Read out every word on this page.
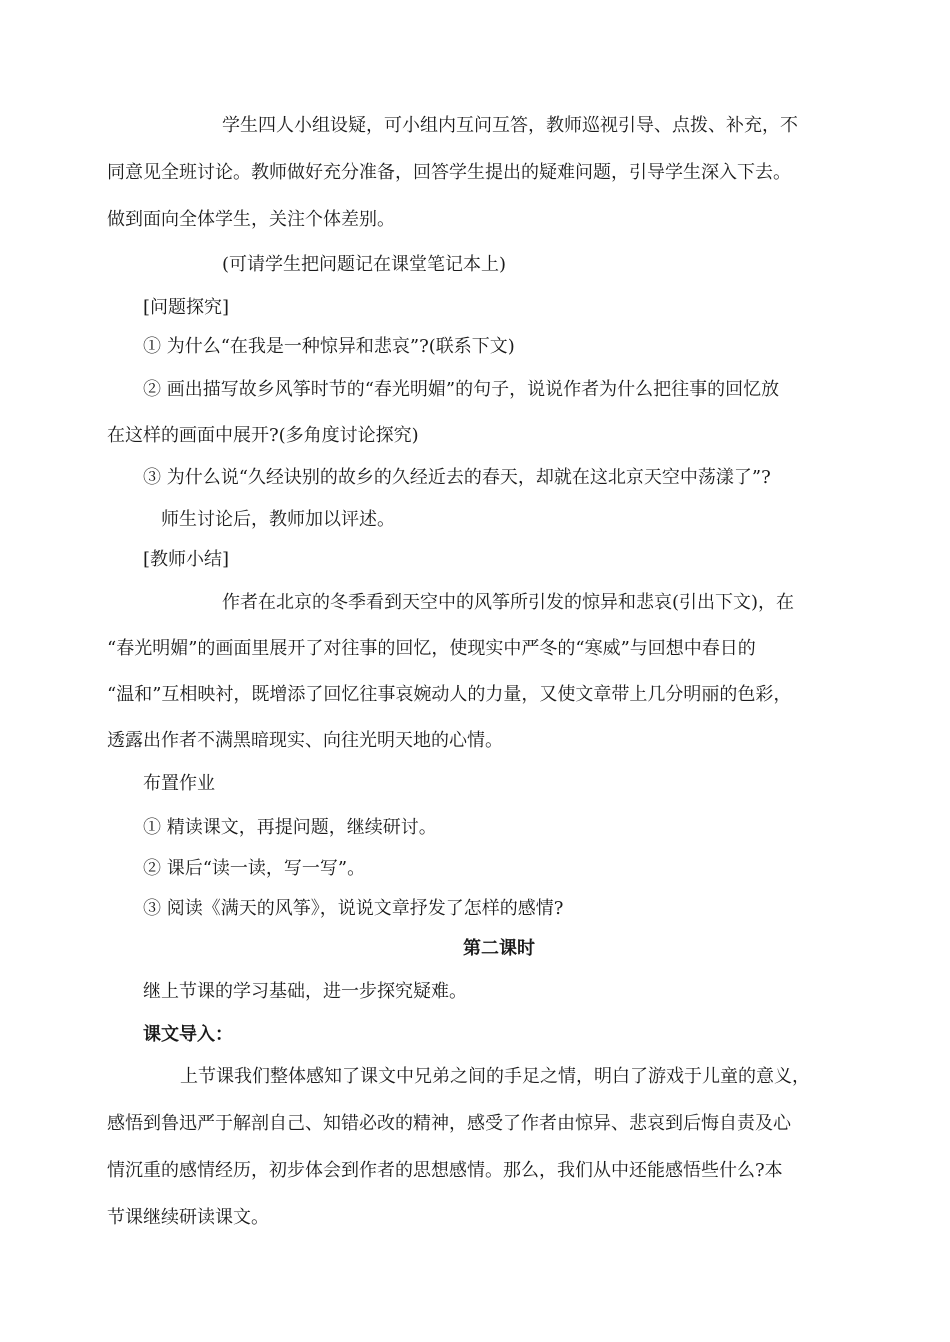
学生四人小组设疑，可小组内互问互答，教师巡视引导、点拨、补充，不
同意见全班讨论。教师做好充分准备，回答学生提出的疑难问题，引导学生深入下去。
做到面向全体学生，关注个体差别。
(可请学生把问题记在课堂笔记本上)
[问题探究]
① 为什么“在我是一种惊异和悲哀”?(联系下文)
② 画出描写故乡风筝时节的“春光明媚”的句子，说说作者为什么把往事的回忆放
在这样的画面中展开?(多角度讨论探究)
③ 为什么说“久经诀别的故乡的久经近去的春天，却就在这北京天空中荡漾了”?
师生讨论后，教师加以评述。
[教师小结]
作者在北京的冬季看到天空中的风筝所引发的惊异和悲哀(引出下文)，在
“春光明媚”的画面里展开了对往事的回忆，使现实中严冬的“寒威”与回想中春日的
“温和”互相映衬，既增添了回忆往事哀婉动人的力量，又使文章带上几分明丽的色彩，
透露出作者不满黑暗现实、向往光明天地的心情。
布置作业
① 精读课文，再提问题，继续研讨。
② 课后“读一读，写一写”。
③ 阅读《满天的风筝》，说说文章抒发了怎样的感情?
第二课时
继上节课的学习基础，进一步探究疑难。
课文导入：
上节课我们整体感知了课文中兄弟之间的手足之情，明白了游戏于儿童的意义，
感悟到鲁迅严于解剖自己、知错必改的精神，感受了作者由惊异、悲哀到后悔自责及心
情沉重的感情经历，初步体会到作者的思想感情。那么，我们从中还能感悟些什么?本
节课继续研读课文。
